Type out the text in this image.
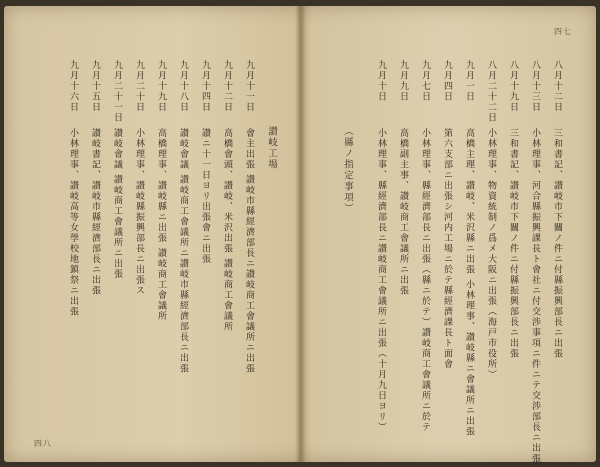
四七
八月十二日
三和書記、讃岐市下關ノ件ニ付縣振興部長ニ出張
八月十三日
小林理事、河合縣振興課長ト會社ニ付交渉事項ニ件ニテ交渉部長ニ出張
八月十九日
三和書記、讃岐市下關ノ件ニ付縣振興部長ニ出張
八月二十二日
小林理事、物資統制ノ爲メ大阪ニ出張（海戸市役所）
九月一日
高橋主理、讃岐、米沢縣ニ出張 小林理事、讃岐縣ニ會議所ニ出張
九月四日
第六支部ニ出張シ河内工場ニ於テ縣經濟課長ト面會
九月七日
小林理事、縣經濟部長ニ出張（縣ニ於テ）讃岐商工會議所ニ於テ
九月九日
高橋副主事、讃岐商工會議所ニ出張
九月十日
小林理事、縣經濟部長ニ讃岐商工會議所ニ出張（十月九日ヨリ）
（縣ノ指定事項）
四八
讃岐工場
九月十一日
會主出張 讃岐市縣經濟部長ニ讃岐商工會議所ニ出張
九月十二日
高橋會頭、讃岐、米沢出張 讃岐商工會議所
九月十四日
讃ニ十一日ヨリ出張會ニ出張
九月十八日
讃岐會議 讃岐商工會議所ニ讃岐市縣經濟部長ニ出張
九月十九日
高橋理事、讃岐縣ニ出張 讃岐商工會議所
九月二十日
小林理事、讃岐縣振興部長ニ出張ス
九月二十一日
讃岐會議 讃岐商工會議所ニ出張
九月十五日
讃岐書記、讃岐市縣經濟部長ニ出張
九月十六日
小林理事、讃岐高等女學校地鎮祭ニ出張
